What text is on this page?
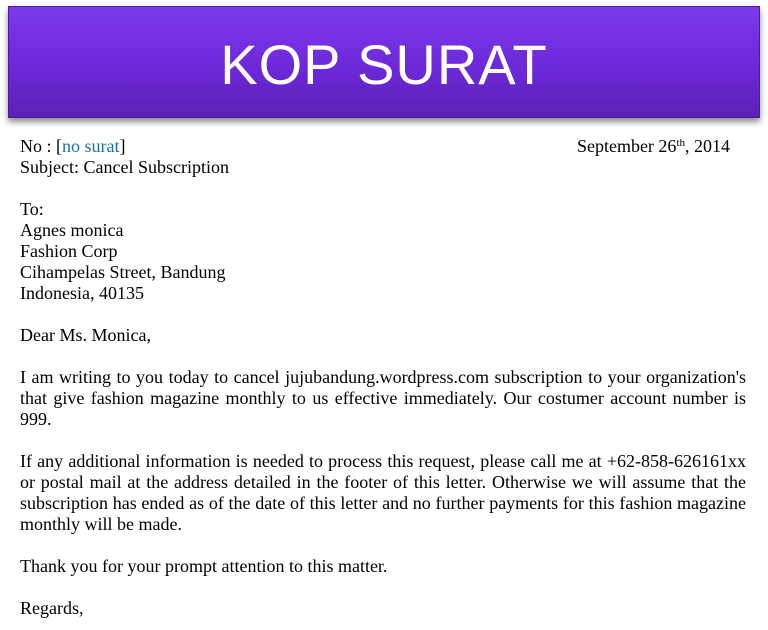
KOP SURAT
No : [no surat]	September 26th, 2014
Subject: Cancel Subscription
To:
Agnes monica
Fashion Corp
Cihampelas Street, Bandung
Indonesia, 40135
Dear Ms. Monica,

I am writing to you today to cancel jujubandung.wordpress.com subscription to your organization's that give fashion magazine monthly to us effective immediately. Our costumer account number is 999.

If any additional information is needed to process this request, please call me at +62-858-626161xx or postal mail at the address detailed in the footer of this letter. Otherwise we will assume that the subscription has ended as of the date of this letter and no further payments for this fashion magazine monthly will be made.

Thank you for your prompt attention to this matter.

Regards,
